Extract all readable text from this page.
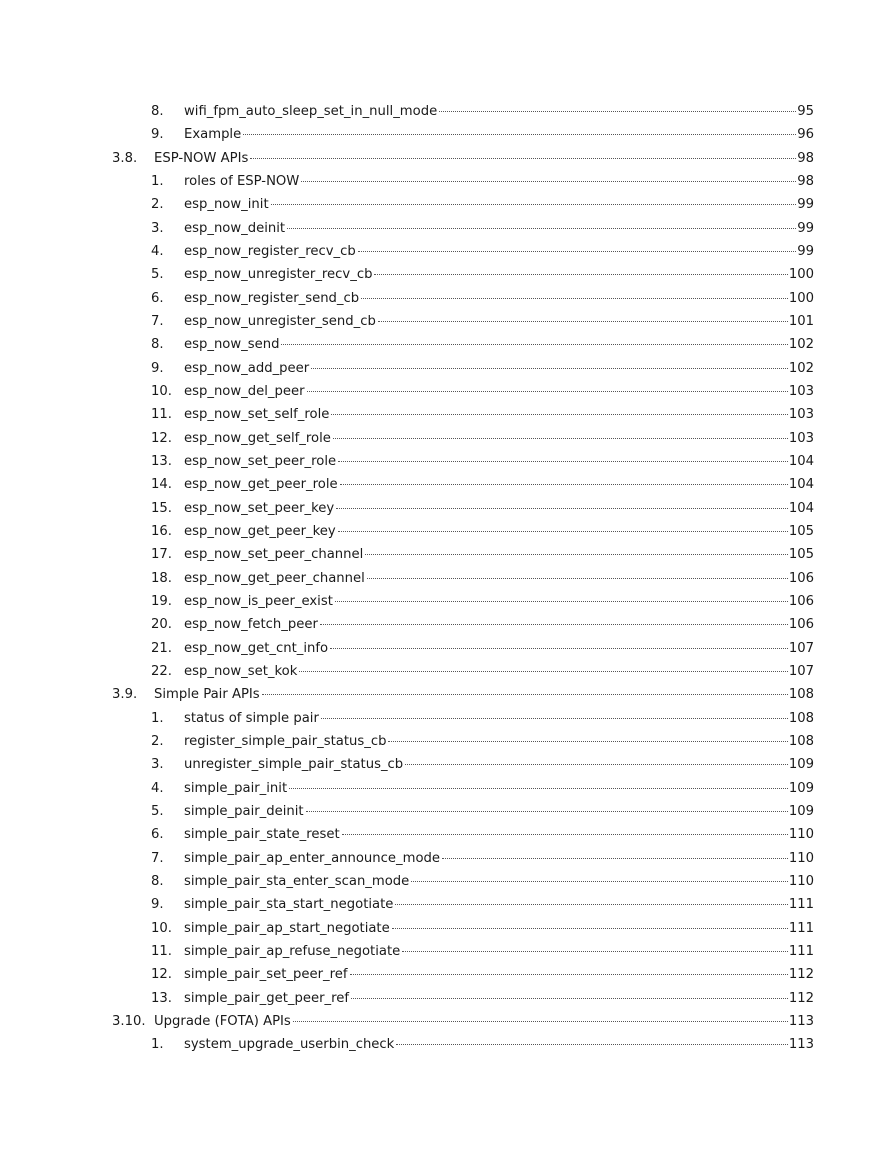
8. wifi_fpm_auto_sleep_set_in_null_mode	95
9. Example	96
3.8. ESP-NOW APIs	98
1. roles of ESP-NOW	98
2. esp_now_init	99
3. esp_now_deinit	99
4. esp_now_register_recv_cb	99
5. esp_now_unregister_recv_cb	100
6. esp_now_register_send_cb	100
7. esp_now_unregister_send_cb	101
8. esp_now_send	102
9. esp_now_add_peer	102
10. esp_now_del_peer	103
11. esp_now_set_self_role	103
12. esp_now_get_self_role	103
13. esp_now_set_peer_role	104
14. esp_now_get_peer_role	104
15. esp_now_set_peer_key	104
16. esp_now_get_peer_key	105
17. esp_now_set_peer_channel	105
18. esp_now_get_peer_channel	106
19. esp_now_is_peer_exist	106
20. esp_now_fetch_peer	106
21. esp_now_get_cnt_info	107
22. esp_now_set_kok	107
3.9. Simple Pair APIs	108
1. status of simple pair	108
2. register_simple_pair_status_cb	108
3. unregister_simple_pair_status_cb	109
4. simple_pair_init	109
5. simple_pair_deinit	109
6. simple_pair_state_reset	110
7. simple_pair_ap_enter_announce_mode	110
8. simple_pair_sta_enter_scan_mode	110
9. simple_pair_sta_start_negotiate	111
10. simple_pair_ap_start_negotiate	111
11. simple_pair_ap_refuse_negotiate	111
12. simple_pair_set_peer_ref	112
13. simple_pair_get_peer_ref	112
3.10. Upgrade (FOTA) APIs	113
1. system_upgrade_userbin_check	113
